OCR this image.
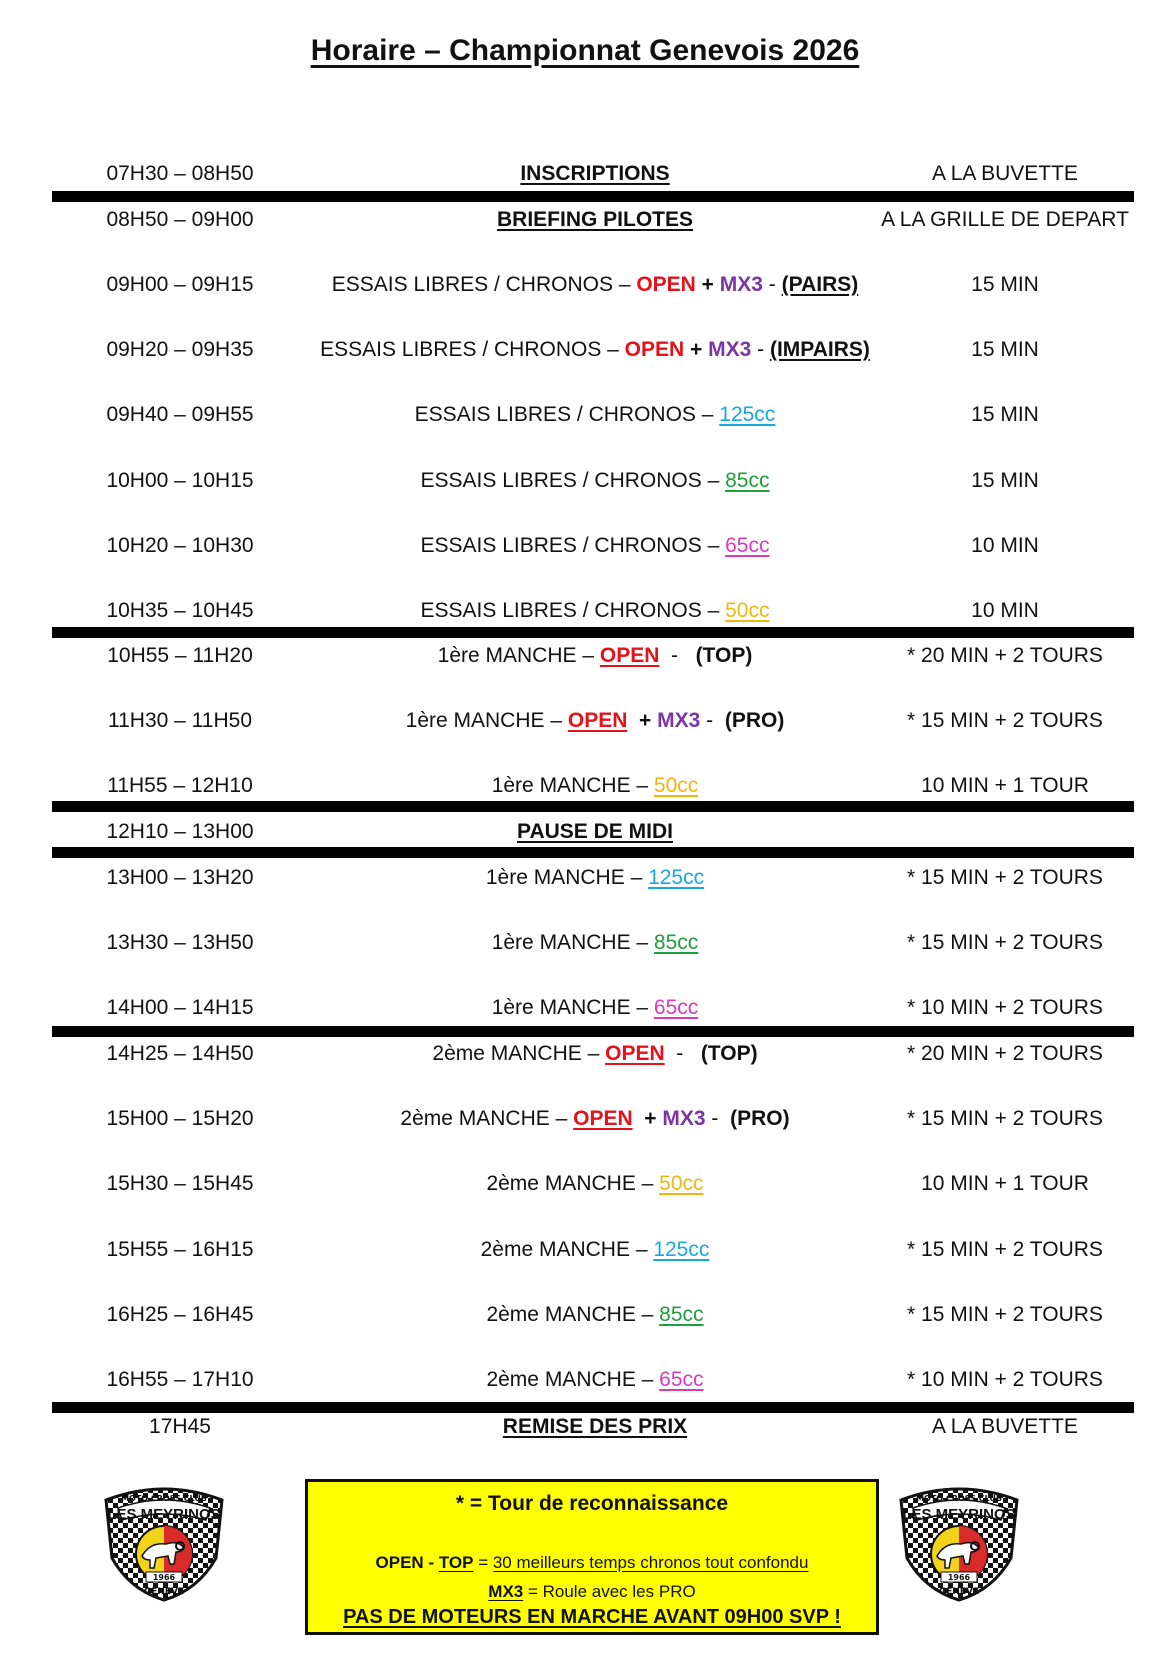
Horaire – Championnat Genevois 2026
07H30 – 08H50	INSCRIPTIONS	A LA BUVETTE
08H50 – 09H00	BRIEFING PILOTES	A LA GRILLE DE DEPART
09H00 – 09H15	ESSAIS LIBRES / CHRONOS – OPEN + MX3 - (PAIRS)	15 MIN
09H20 – 09H35	ESSAIS LIBRES / CHRONOS – OPEN + MX3 - (IMPAIRS)	15 MIN
09H40 – 09H55	ESSAIS LIBRES / CHRONOS – 125cc	15 MIN
10H00 – 10H15	ESSAIS LIBRES / CHRONOS – 85cc	15 MIN
10H20 – 10H30	ESSAIS LIBRES / CHRONOS – 65cc	10 MIN
10H35 – 10H45	ESSAIS LIBRES / CHRONOS – 50cc	10 MIN
10H55 – 11H20	1ère MANCHE – OPEN  -   (TOP)	* 20 MIN + 2 TOURS
11H30 – 11H50	1ère MANCHE – OPEN  + MX3 -  (PRO)	* 15 MIN + 2 TOURS
11H55 – 12H10	1ère MANCHE – 50cc	10 MIN + 1 TOUR
12H10 – 13H00	PAUSE DE MIDI
13H00 – 13H20	1ère MANCHE – 125cc	* 15 MIN + 2 TOURS
13H30 – 13H50	1ère MANCHE – 85cc	* 15 MIN + 2 TOURS
14H00 – 14H15	1ère MANCHE – 65cc	* 10 MIN + 2 TOURS
14H25 – 14H50	2ème MANCHE – OPEN  -   (TOP)	* 20 MIN + 2 TOURS
15H00 – 15H20	2ème MANCHE – OPEN  + MX3 -  (PRO)	* 15 MIN + 2 TOURS
15H30 – 15H45	2ème MANCHE – 50cc	10 MIN + 1 TOUR
15H55 – 16H15	2ème MANCHE – 125cc	* 15 MIN + 2 TOURS
16H25 – 16H45	2ème MANCHE – 85cc	* 15 MIN + 2 TOURS
16H55 – 17H10	2ème MANCHE – 65cc	* 10 MIN + 2 TOURS
17H45	REMISE DES PRIX	A LA BUVETTE
* = Tour de reconnaissance
OPEN - TOP = 30 meilleurs temps chronos tout confondu
MX3 = Roule avec les PRO
PAS DE MOTEURS EN MARCHE AVANT 09H00 SVP !
MOTO CROSS CLUB
LES MEYRINOS
1966
GENEVE
MOTO CROSS CLUB
LES MEYRINOS
1966
GENEVE
